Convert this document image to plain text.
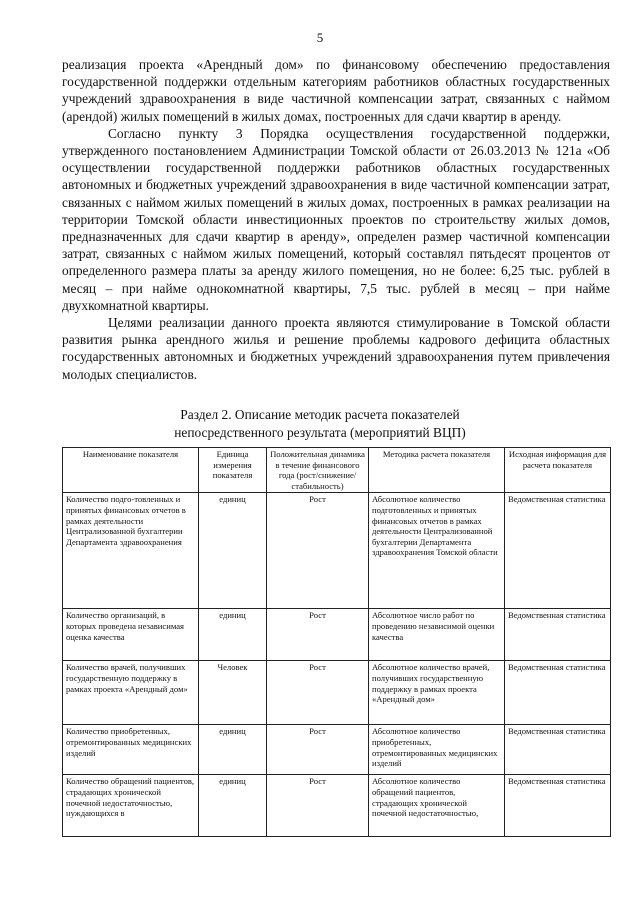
5

реализация проекта «Арендный дом» по финансовому обеспечению предоставления государственной поддержки отдельным категориям работников областных государственных учреждений здравоохранения в виде частичной компенсации затрат, связанных с наймом (арендой) жилых помещений в жилых домах, построенных для сдачи квартир в аренду.

Согласно пункту 3 Порядка осуществления государственной поддержки, утвержденного постановлением Администрации Томской области от 26.03.2013 № 121а «Об осуществлении государственной поддержки работников областных государственных автономных и бюджетных учреждений здравоохранения в виде частичной компенсации затрат, связанных с наймом жилых помещений в жилых домах, построенных в рамках реализации на территории Томской области инвестиционных проектов по строительству жилых домов, предназначенных для сдачи квартир в аренду», определен размер частичной компенсации затрат, связанных с наймом жилых помещений, который составлял пятьдесят процентов от определенного размера платы за аренду жилого помещения, но не более: 6,25 тыс. рублей в месяц – при найме однокомнатной квартиры, 7,5 тыс. рублей в месяц – при найме двухкомнатной квартиры.

Целями реализации данного проекта являются стимулирование в Томской области развития рынка арендного жилья и решение проблемы кадрового дефицита областных государственных автономных и бюджетных учреждений здравоохранения путем привлечения молодых специалистов.

Раздел 2. Описание методик расчета показателей
непосредственного результата (мероприятий ВЦП)
Наименование показателя	Единица измерения показателя	Положительная динамика в течение финансового года (рост/снижение/стабильность)	Методика расчета показателя	Исходная информация для расчета показателя
Количество подго-товленных и принятых финансовых отчетов в рамках деятельности Централизованной бухгалтерии Департамента здравоохранения	единиц	Рост	Абсолютное количество подготовленных и принятых финансовых отчетов в рамках деятельности Централизованной бухгалтерии Департамента здравоохранения Томской области	Ведомственная статистика
Количество организаций, в которых проведена независимая оценка качества	единиц	Рост	Абсолютное число работ по проведению независимой оценки качества	Ведомственная статистика
Количество врачей, получивших государственную поддержку в рамках проекта «Арендный дом»	Человек	Рост	Абсолютное количество врачей, получивших государственную поддержку в рамках проекта «Арендный дом»	Ведомственная статистика
Количество приобретенных, отремонтированных медицинских изделий	единиц	Рост	Абсолютное количество приобретенных, отремонтированных медицинских изделий	Ведомственная статистика
Количество обращений пациентов, страдающих хронической почечной недостаточностью, нуждающихся в	единиц	Рост	Абсолютное количество обращений пациентов, страдающих хронической почечной недостаточностью,	Ведомственная статистика
